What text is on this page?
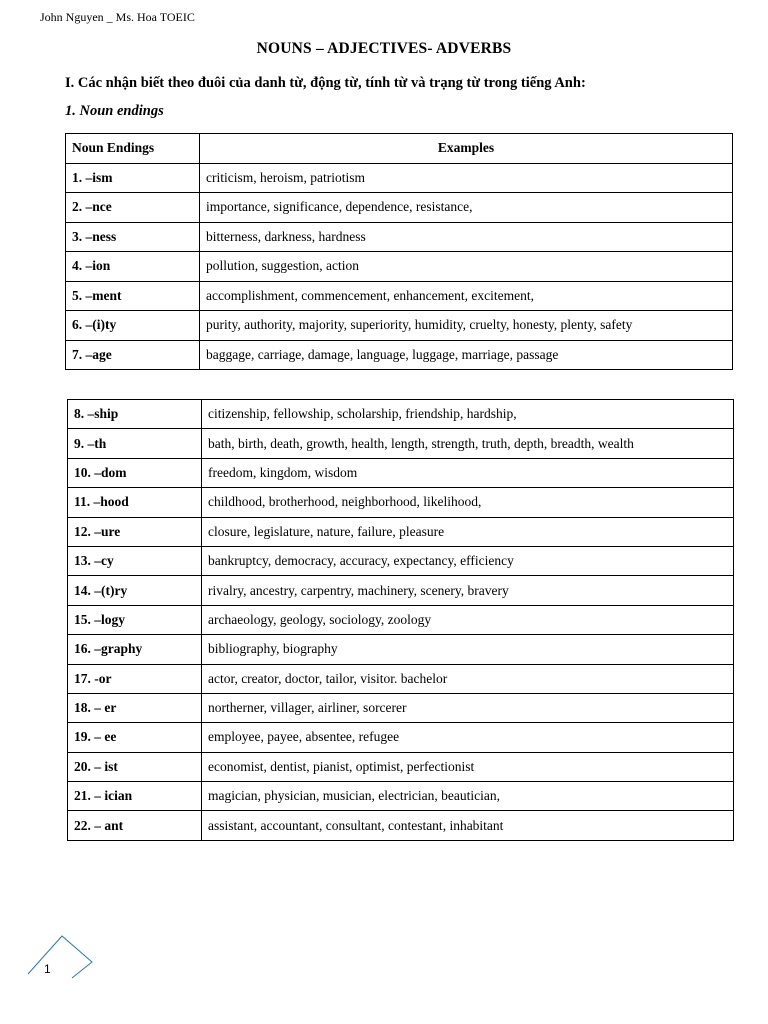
John Nguyen _ Ms. Hoa TOEIC
NOUNS – ADJECTIVES- ADVERBS
I. Các nhận biết theo đuôi của danh từ, động từ, tính từ và trạng từ trong tiếng Anh:
1. Noun endings
Noun Endings	Examples
1. –ism	criticism, heroism, patriotism
2. –nce	importance, significance, dependence, resistance,
3. –ness	bitterness, darkness, hardness
4. –ion	pollution, suggestion, action
5. –ment	accomplishment, commencement, enhancement, excitement,
6. –(i)ty	purity, authority, majority, superiority, humidity, cruelty, honesty, plenty, safety
7. –age	baggage, carriage, damage, language, luggage, marriage, passage
8. –ship	citizenship, fellowship, scholarship, friendship, hardship,
9. –th	bath, birth, death, growth, health, length, strength, truth, depth, breadth, wealth
10. –dom	freedom, kingdom, wisdom
11. –hood	childhood, brotherhood, neighborhood, likelihood,
12. –ure	closure, legislature, nature, failure, pleasure
13. –cy	bankruptcy, democracy, accuracy, expectancy, efficiency
14. –(t)ry	rivalry, ancestry, carpentry, machinery, scenery, bravery
15. –logy	archaeology, geology, sociology, zoology
16. –graphy	bibliography, biography
17. -or	actor, creator, doctor, tailor, visitor. bachelor
18. – er	northerner, villager, airliner, sorcerer
19. – ee	employee, payee, absentee, refugee
20. – ist	economist, dentist, pianist, optimist, perfectionist
21. – ician	magician, physician, musician, electrician, beautician,
22. – ant	assistant, accountant, consultant, contestant, inhabitant
1
